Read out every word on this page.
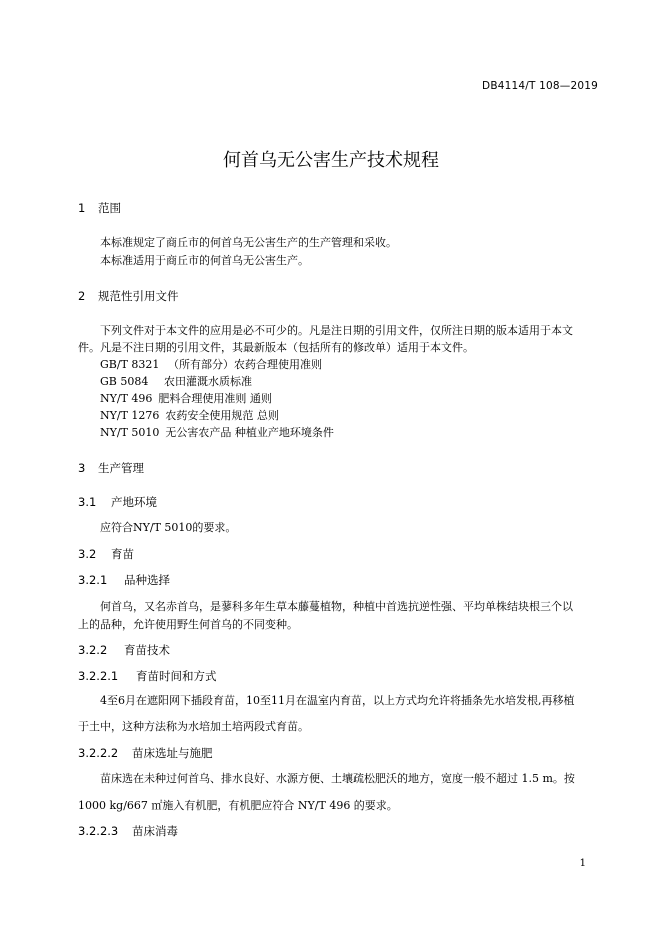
DB4114/T 108—2019
何首乌无公害生产技术规程
1 范围
本标准规定了商丘市的何首乌无公害生产的生产管理和采收。
本标准适用于商丘市的何首乌无公害生产。
2 规范性引用文件
下列文件对于本文件的应用是必不可少的。凡是注日期的引用文件，仅所注日期的版本适用于本文
件。凡是不注日期的引用文件，其最新版本（包括所有的修改单）适用于本文件。
GB/T 8321 （所有部分）农药合理使用准则
GB 5084 农田灌溉水质标准
NY/T 496 肥料合理使用准则 通则
NY/T 1276 农药安全使用规范 总则
NY/T 5010 无公害农产品 种植业产地环境条件
3 生产管理
3.1 产地环境
应符合NY/T 5010的要求。
3.2 育苗
3.2.1 品种选择
何首乌，又名赤首乌，是蓼科多年生草本藤蔓植物，种植中首选抗逆性强、平均单株结块根三个以
上的品种，允许使用野生何首乌的不同变种。
3.2.2 育苗技术
3.2.2.1 育苗时间和方式
4至6月在遮阳网下插段育苗，10至11月在温室内育苗，以上方式均允许将插条先水培发根,再移植
于土中，这种方法称为水培加土培两段式育苗。
3.2.2.2 苗床选址与施肥
苗床选在未种过何首乌、排水良好、水源方便、土壤疏松肥沃的地方，宽度一般不超过 1.5 m。按
1000 kg/667 ㎡施入有机肥，有机肥应符合 NY/T 496 的要求。
3.2.2.3 苗床消毒
1
